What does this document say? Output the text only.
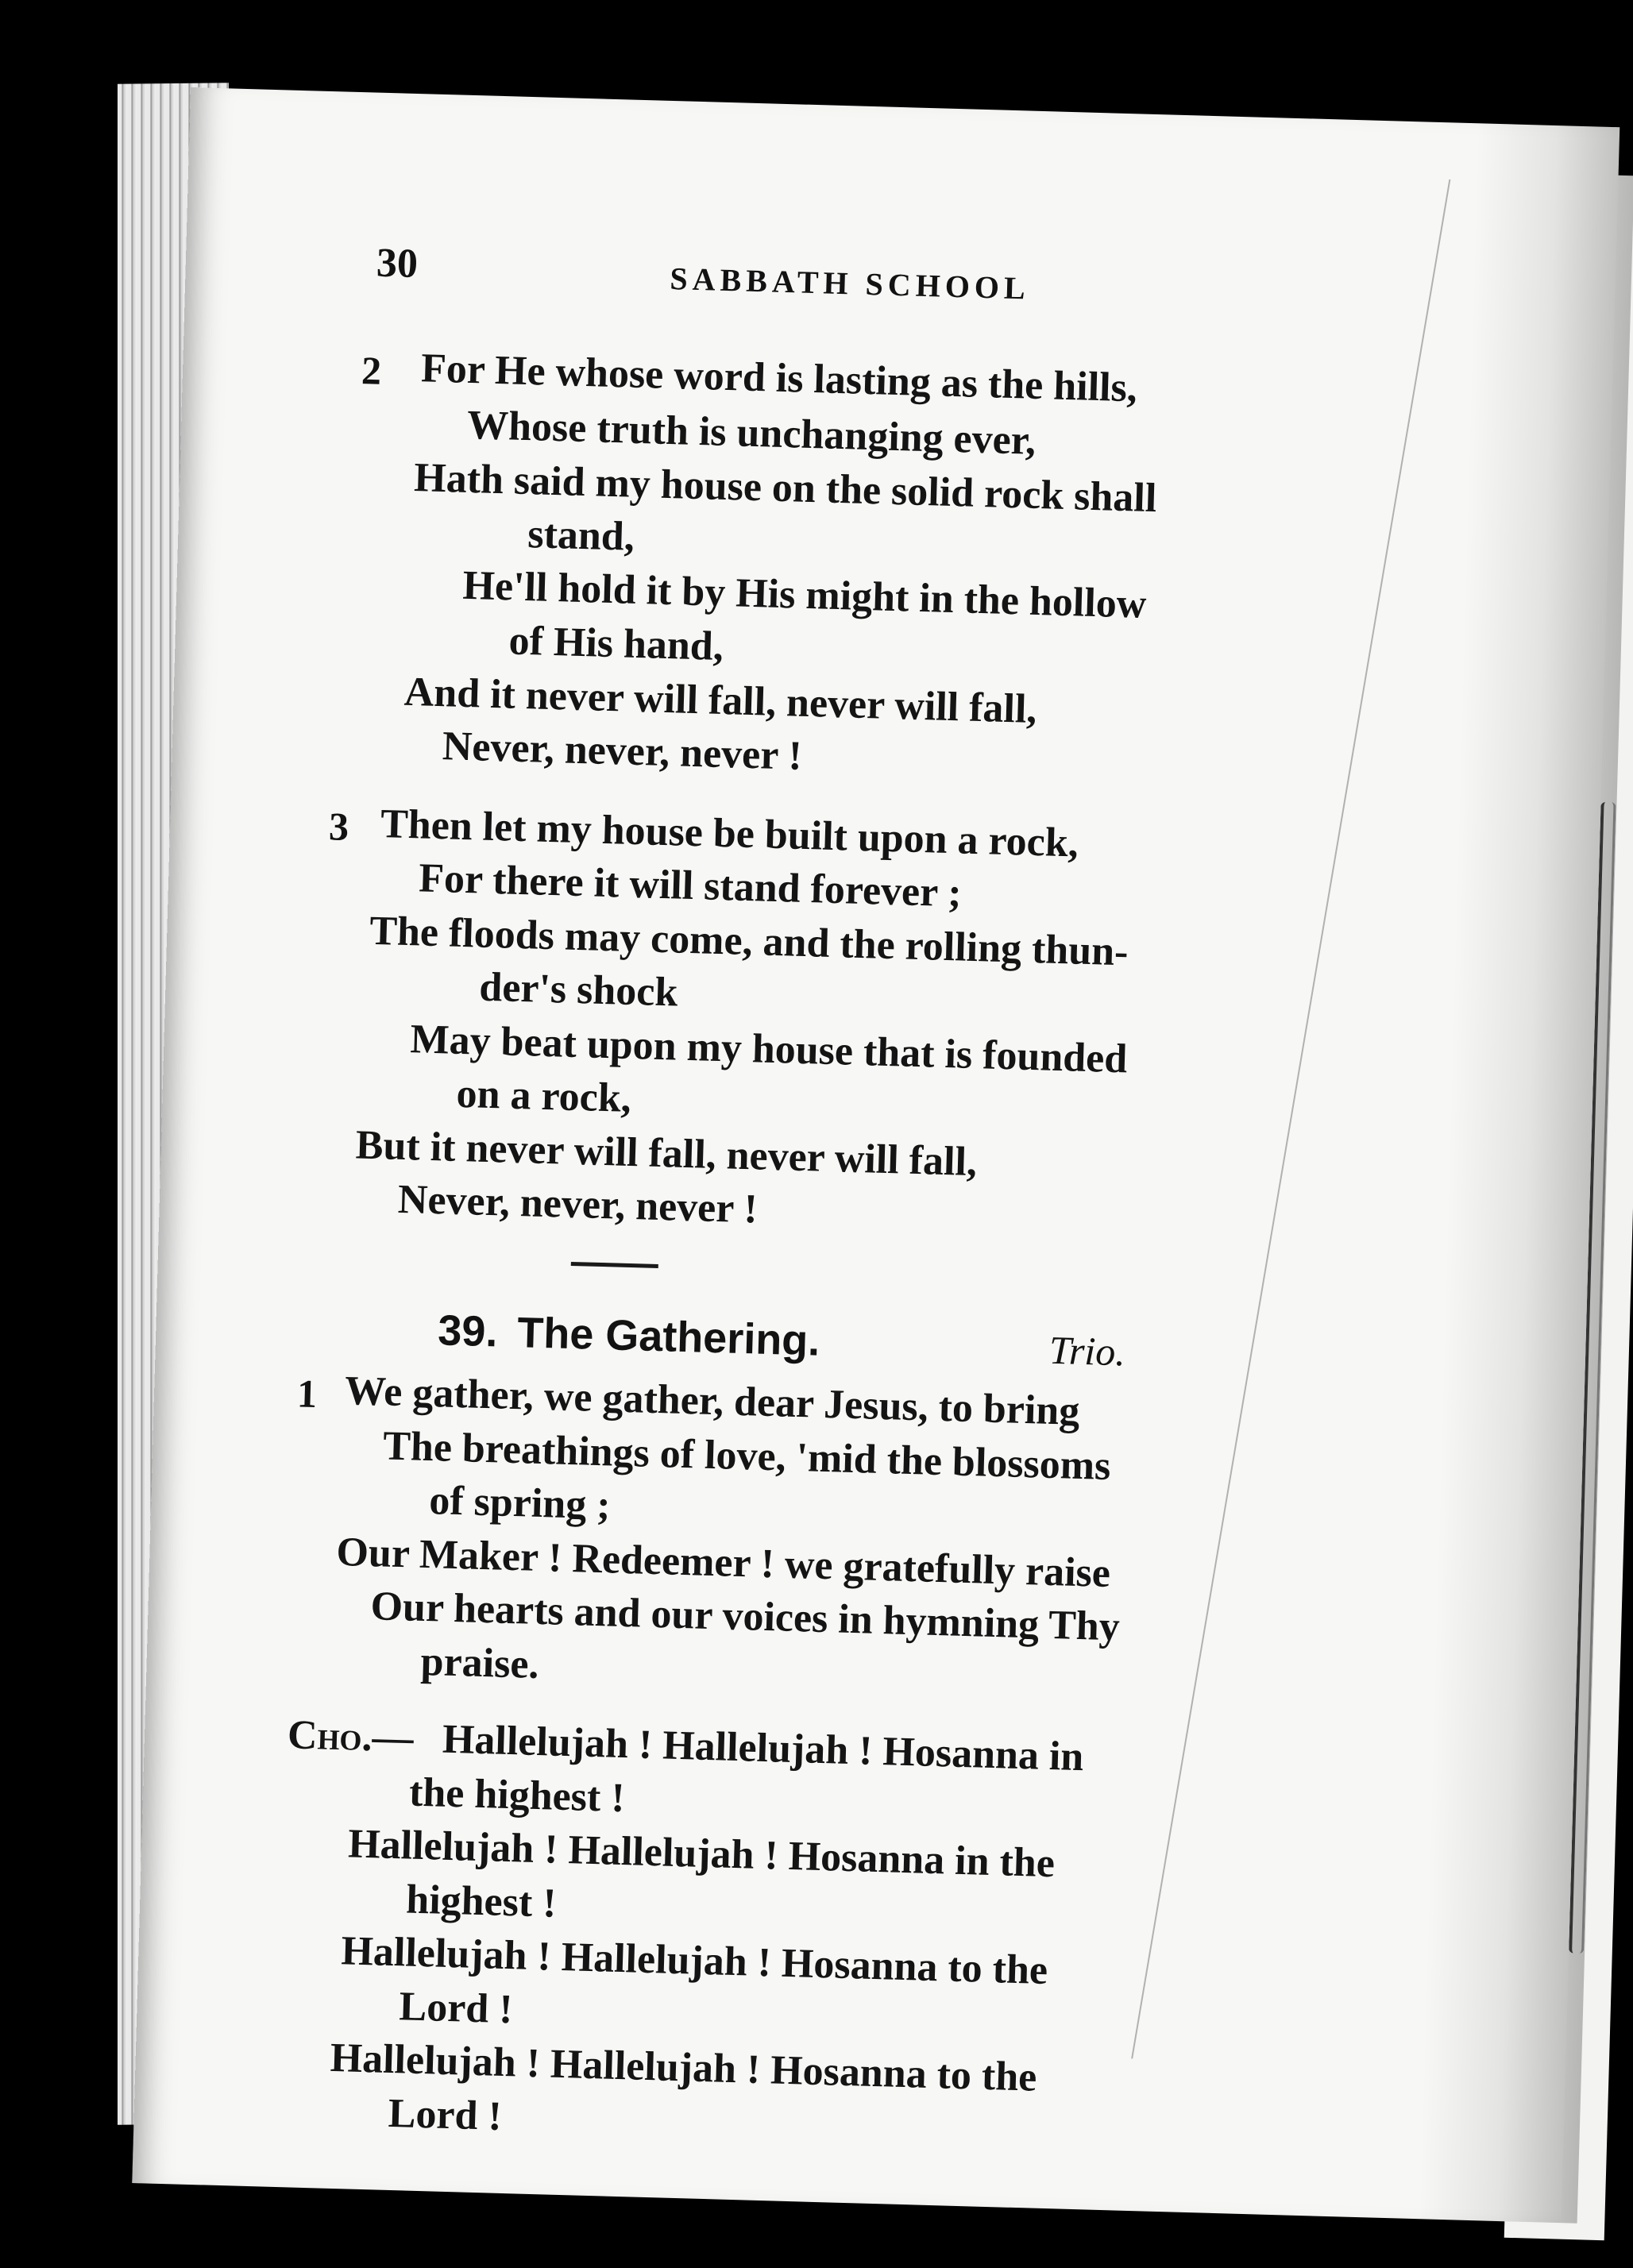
30	SABBATH SCHOOL
2 For He whose word is lasting as the hills,
Whose truth is unchanging ever,
Hath said my house on the solid rock shall
stand,
He'll hold it by His might in the hollow
of His hand,
And it never will fall, never will fall,
Never, never, never !
3 Then let my house be built upon a rock,
For there it will stand forever ;
The floods may come, and the rolling thun-
der's shock
May beat upon my house that is founded
on a rock,
But it never will fall, never will fall,
Never, never, never !
39. The Gathering.	Trio.
1 We gather, we gather, dear Jesus, to bring
The breathings of love, 'mid the blossoms
of spring ;
Our Maker ! Redeemer ! we gratefully raise
Our hearts and our voices in hymning Thy
praise.
Cho.— Hallelujah ! Hallelujah ! Hosanna in
the highest !
Hallelujah ! Hallelujah ! Hosanna in the
highest !
Hallelujah ! Hallelujah ! Hosanna to the
Lord !
Hallelujah ! Hallelujah ! Hosanna to the
Lord !
